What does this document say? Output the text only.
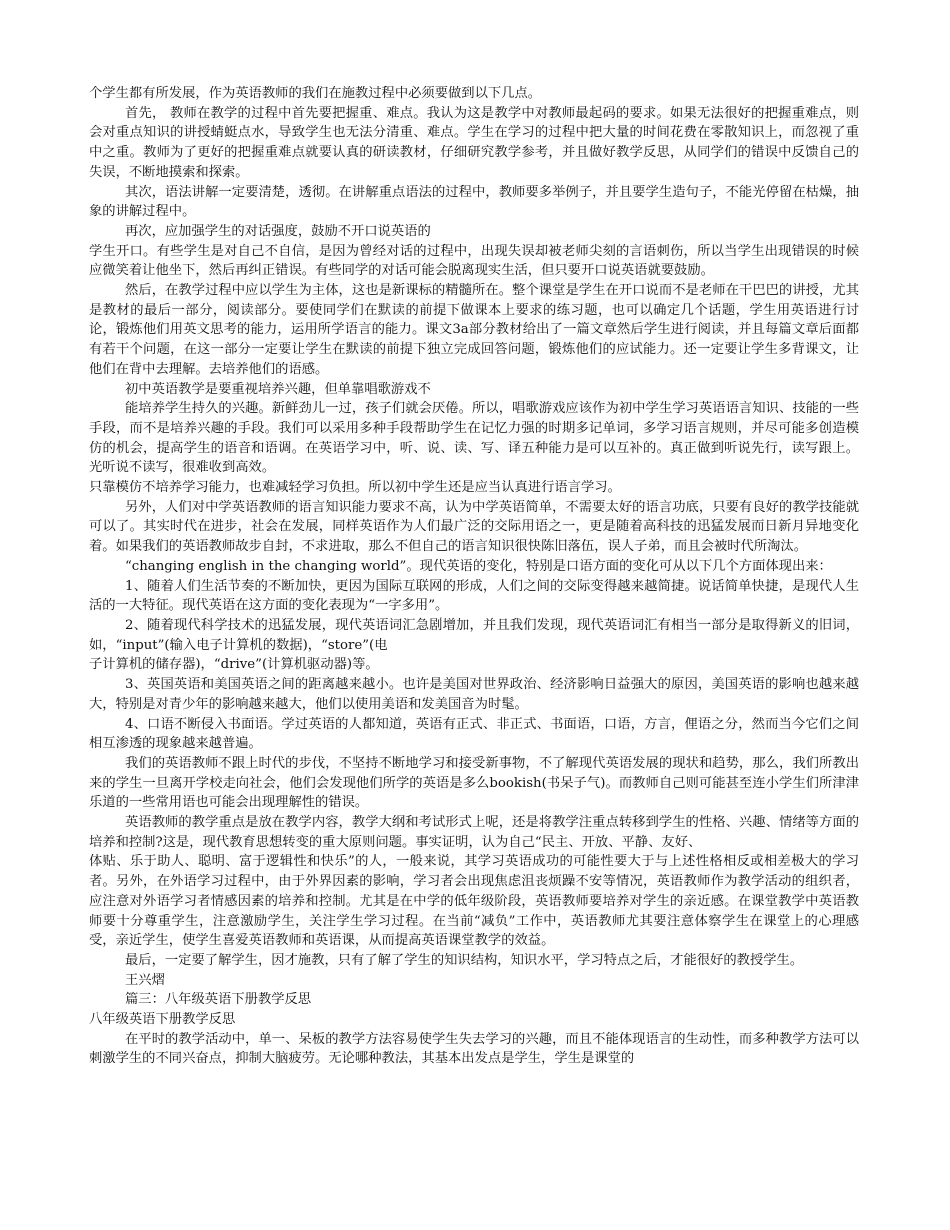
个学生都有所发展，作为英语教师的我们在施教过程中必须要做到以下几点。

首先， 教师在教学的过程中首先要把握重、难点。我认为这是教学中对教师最起码的要求。如果无法很好的把握重难点，则会对重点知识的讲授蜻蜓点水，导致学生也无法分清重、难点。学生在学习的过程中把大量的时间花费在零散知识上，而忽视了重中之重。教师为了更好的把握重难点就要认真的研读教材，仔细研究教学参考，并且做好教学反思，从同学们的错误中反馈自己的失误，不断地摸索和探索。

其次，语法讲解一定要清楚，透彻。在讲解重点语法的过程中，教师要多举例子，并且要学生造句子，不能光停留在枯燥，抽象的讲解过程中。

再次，应加强学生的对话强度，鼓励不开口说英语的

学生开口。有些学生是对自己不自信，是因为曾经对话的过程中，出现失误却被老师尖刻的言语刺伤，所以当学生出现错误的时候应微笑着让他坐下，然后再纠正错误。有些同学的对话可能会脱离现实生活，但只要开口说英语就要鼓励。

然后，在教学过程中应以学生为主体，这也是新课标的精髓所在。整个课堂是学生在开口说而不是老师在干巴巴的讲授，尤其是教材的最后一部分，阅读部分。要使同学们在默读的前提下做课本上要求的练习题，也可以确定几个话题，学生用英语进行讨论，锻炼他们用英文思考的能力，运用所学语言的能力。课文3a部分教材给出了一篇文章然后学生进行阅读，并且每篇文章后面都有若干个问题，在这一部分一定要让学生在默读的前提下独立完成回答问题，锻炼他们的应试能力。还一定要让学生多背课文，让他们在背中去理解。去培养他们的语感。

初中英语教学是要重视培养兴趣，但单靠唱歌游戏不

能培养学生持久的兴趣。新鲜劲儿一过，孩子们就会厌倦。所以，唱歌游戏应该作为初中学生学习英语语言知识、技能的一些手段，而不是培养兴趣的手段。我们可以采用多种手段帮助学生在记忆力强的时期多记单词，多学习语言规则，并尽可能多创造模仿的机会，提高学生的语音和语调。在英语学习中，听、说、读、写、译五种能力是可以互补的。真正做到听说先行，读写跟上。光听说不读写，很难收到高效。

只靠模仿不培养学习能力，也难减轻学习负担。所以初中学生还是应当认真进行语言学习。

另外，人们对中学英语教师的语言知识能力要求不高，认为中学英语简单，不需要太好的语言功底，只要有良好的教学技能就可以了。其实时代在进步，社会在发展，同样英语作为人们最广泛的交际用语之一，更是随着高科技的迅猛发展而日新月异地变化着。如果我们的英语教师故步自封，不求进取，那么不但自己的语言知识很快陈旧落伍，误人子弟，而且会被时代所淘汰。

“changing english in the changing world”。现代英语的变化，特别是口语方面的变化可从以下几个方面体现出来：

1、随着人们生活节奏的不断加快，更因为国际互联网的形成，人们之间的交际变得越来越简捷。说话简单快捷，是现代人生活的一大特征。现代英语在这方面的变化表现为“一字多用”。

2、随着现代科学技术的迅猛发展，现代英语词汇急剧增加，并且我们发现，现代英语词汇有相当一部分是取得新义的旧词，如，“input”(输入电子计算机的数据)，“store”(电

子计算机的储存器)，“drive”(计算机驱动器)等。

3、英国英语和美国英语之间的距离越来越小。也许是美国对世界政治、经济影响日益强大的原因，美国英语的影响也越来越大，特别是对青少年的影响越来越大，他们以使用美语和发美国音为时髦。

4、口语不断侵入书面语。学过英语的人都知道，英语有正式、非正式、书面语，口语，方言，俚语之分，然而当今它们之间相互渗透的现象越来越普遍。

我们的英语教师不跟上时代的步伐，不坚持不断地学习和接受新事物，不了解现代英语发展的现状和趋势，那么，我们所教出来的学生一旦离开学校走向社会，他们会发现他们所学的英语是多么bookish(书呆子气)。而教师自己则可能甚至连小学生们所津津乐道的一些常用语也可能会出现理解性的错误。

英语教师的教学重点是放在教学内容，教学大纲和考试形式上呢，还是将教学注重点转移到学生的性格、兴趣、情绪等方面的培养和控制?这是，现代教育思想转变的重大原则问题。事实证明，认为自己“民主、开放、平静、友好、

体贴、乐于助人、聪明、富于逻辑性和快乐”的人，一般来说，其学习英语成功的可能性要大于与上述性格相反或相差极大的学习者。另外，在外语学习过程中，由于外界因素的影响，学习者会出现焦虑沮丧烦躁不安等情况，英语教师作为教学活动的组织者，应注意对外语学习者情感因素的培养和控制。尤其是在中学的低年级阶段，英语教师要培养对学生的亲近感。在课堂教学中英语教师要十分尊重学生，注意激励学生，关注学生学习过程。在当前“减负”工作中，英语教师尤其要注意体察学生在课堂上的心理感受，亲近学生，使学生喜爱英语教师和英语课，从而提高英语课堂教学的效益。

最后，一定要了解学生，因才施教，只有了解了学生的知识结构，知识水平，学习特点之后，才能很好的教授学生。

王兴熠

篇三：八年级英语下册教学反思

八年级英语下册教学反思

在平时的教学活动中，单一、呆板的教学方法容易使学生失去学习的兴趣，而且不能体现语言的生动性，而多种教学方法可以刺激学生的不同兴奋点，抑制大脑疲劳。无论哪种教法，其基本出发点是学生，学生是课堂的
